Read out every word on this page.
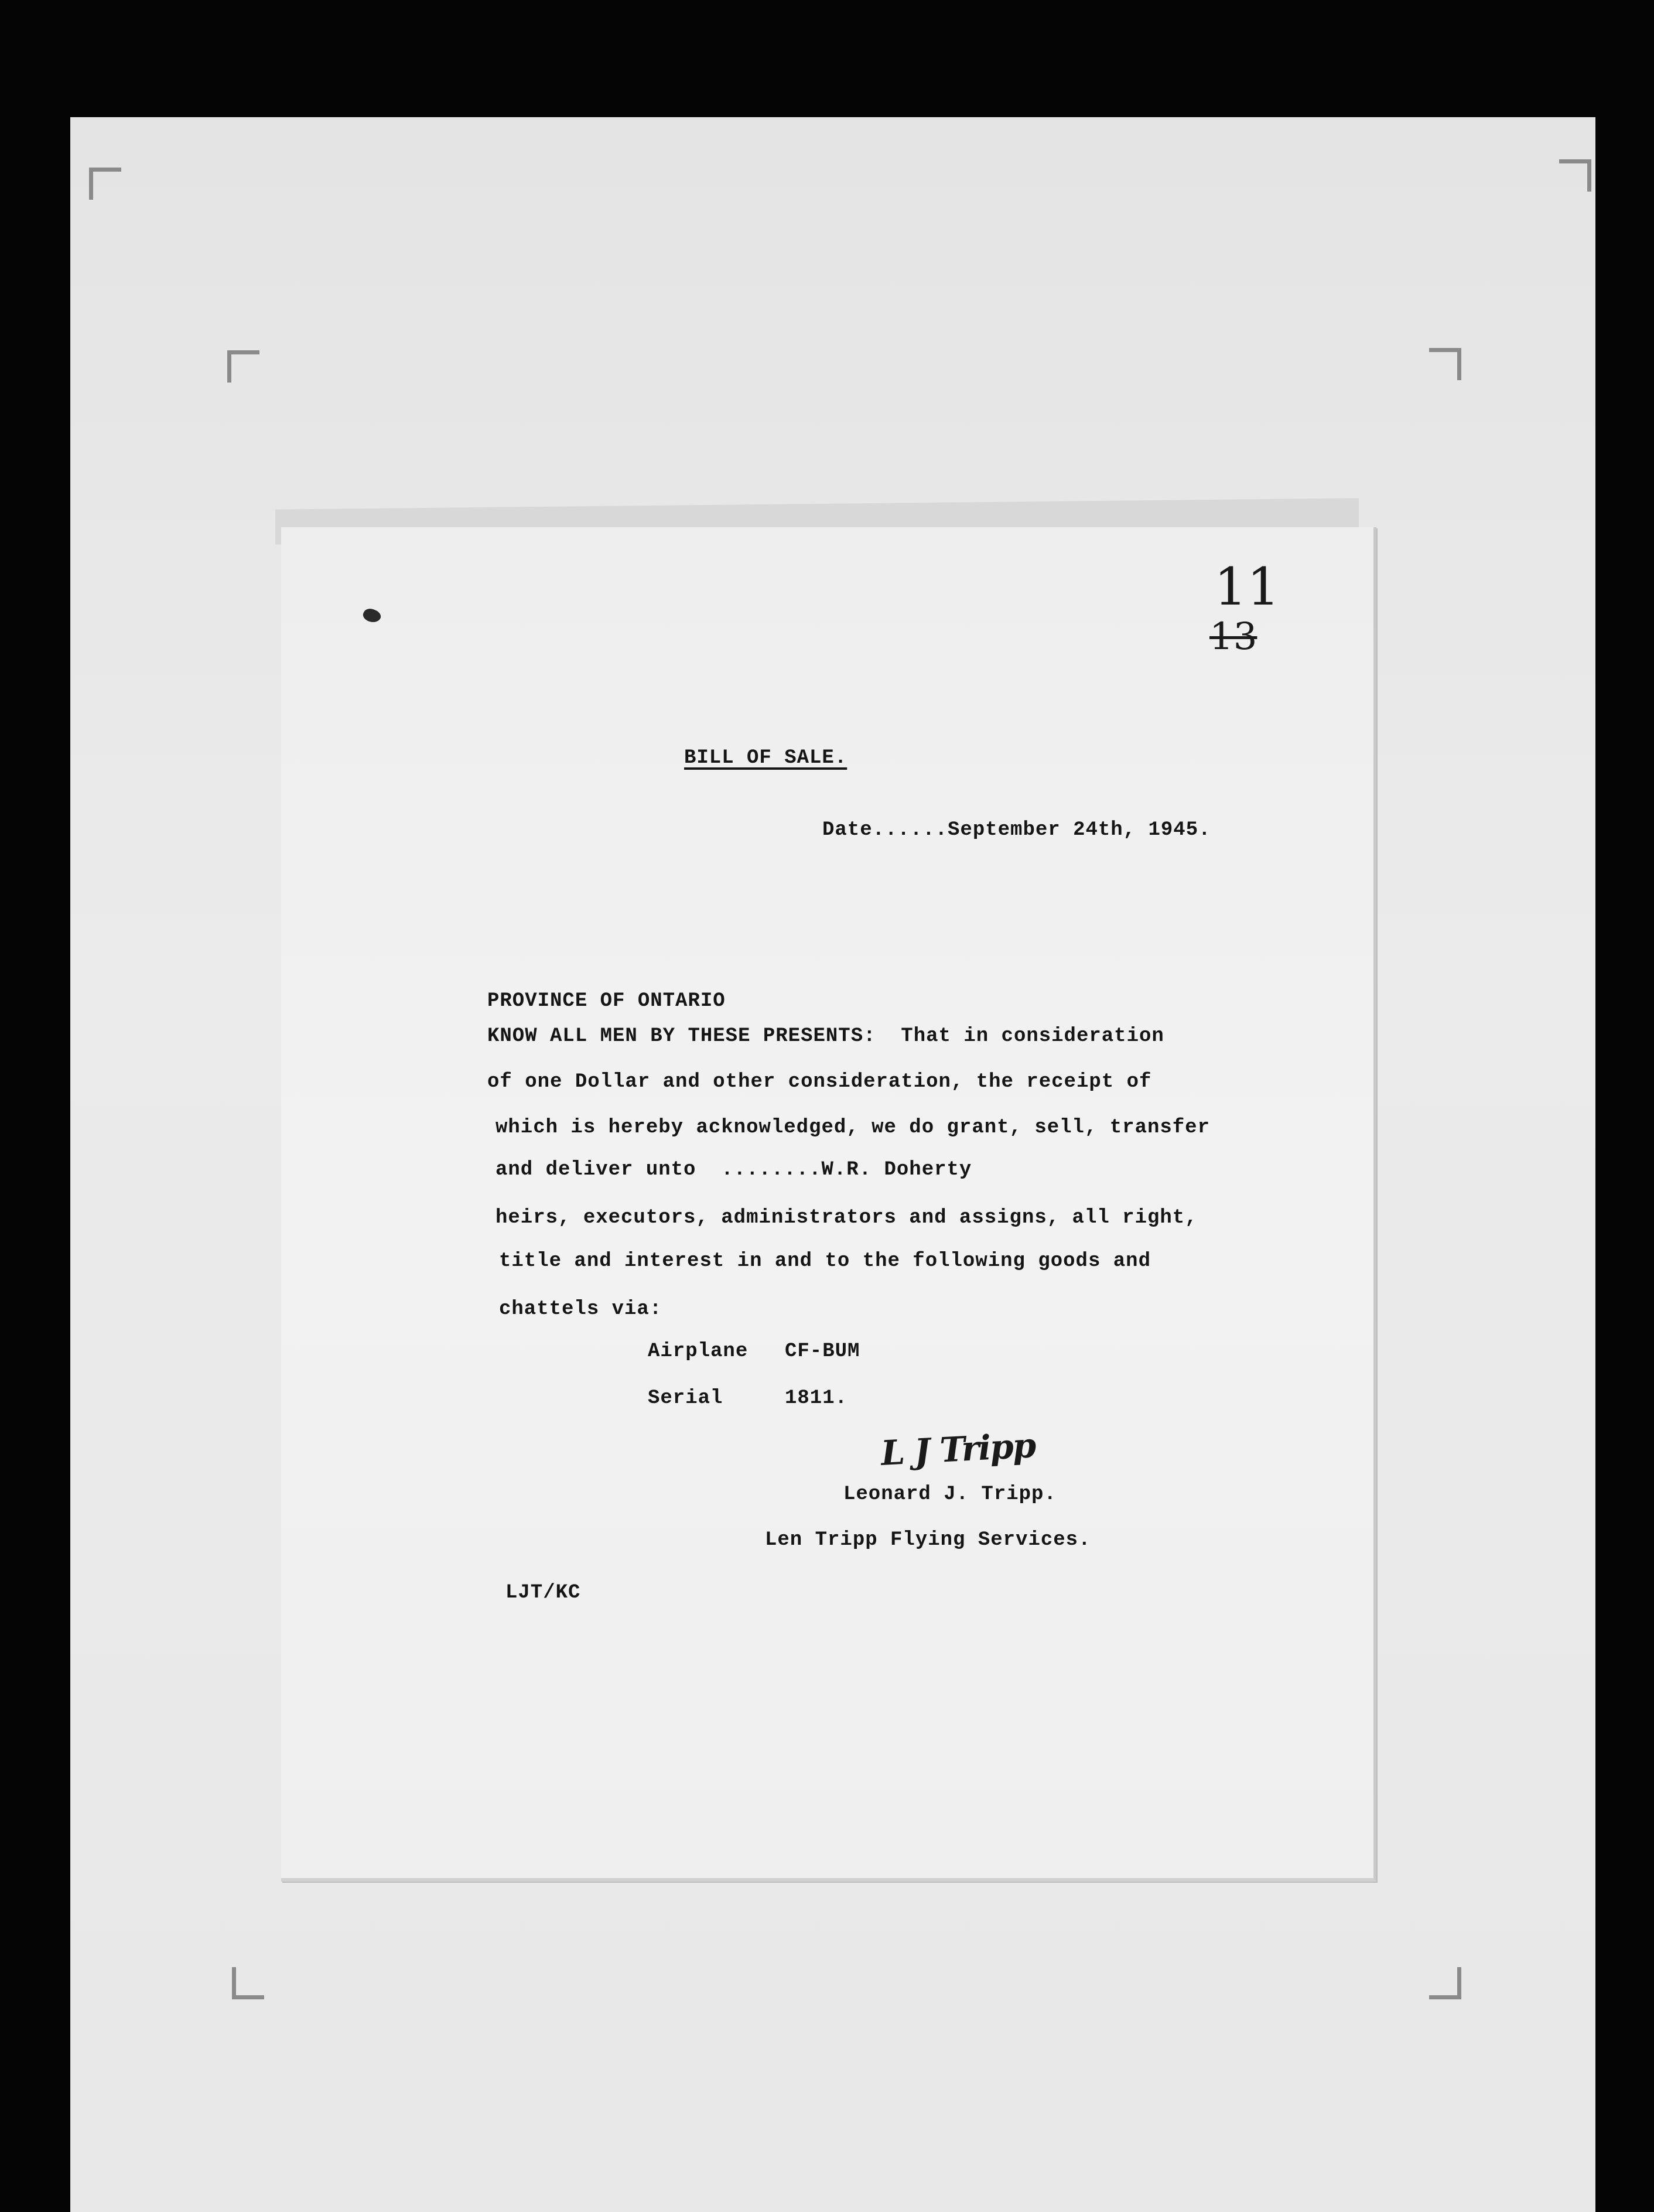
11
13
BILL OF SALE.
Date......September 24th, 1945.
PROVINCE OF ONTARIO
KNOW ALL MEN BY THESE PRESENTS:  That in consideration
of one Dollar and other consideration, the receipt of
which is hereby acknowledged, we do grant, sell, transfer
and deliver unto  ........W.R. Doherty
heirs, executors, administrators and assigns, all right,
title and interest in and to the following goods and
chattels via:
Airplane CF-BUM
Serial	1811.
L J Tripp
Leonard J. Tripp.
Len Tripp Flying Services.
LJT/KC
